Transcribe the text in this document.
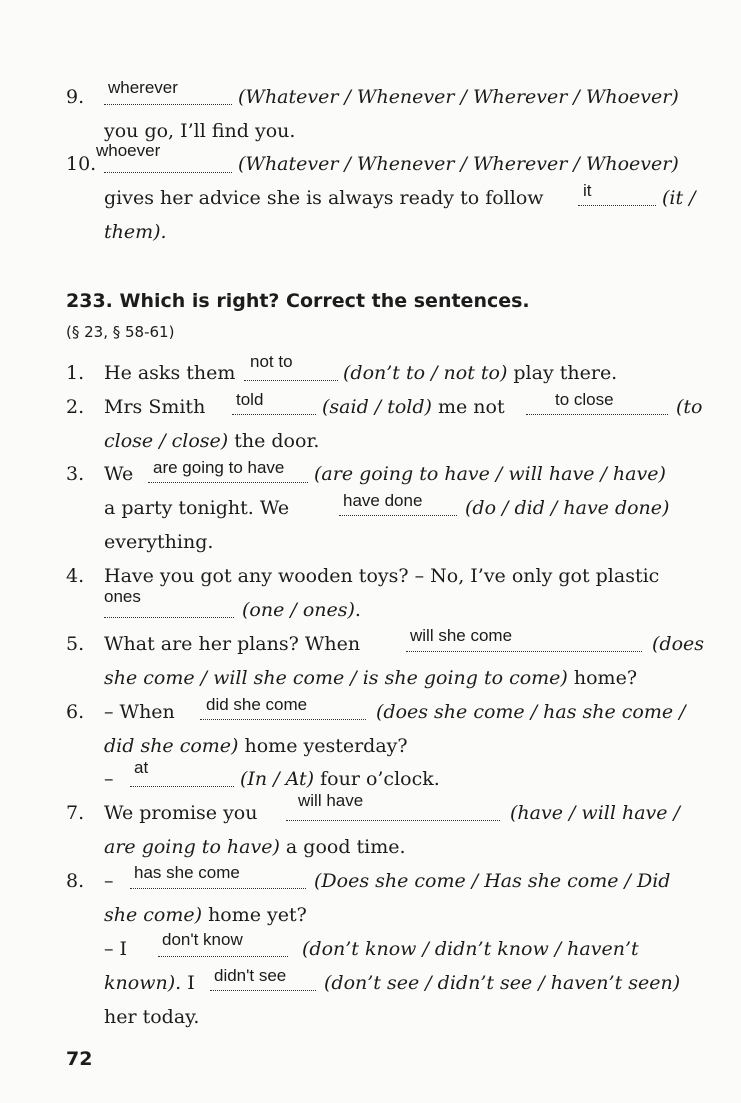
9. wherever	(Whatever / Whenever / Wherever / Whoever)
you go, I’ll find you.
whoever
10.	(Whatever / Whenever / Wherever / Whoever)
gives her advice she is always ready to follow it	(it /
them).
233. Which is right? Correct the sentences.
(§ 23, § 58-61)
1. He asks them
not to
(don’t to / not to) play there.
2. Mrs Smith told	(said / told) me not	to close	(to
close / close) the door.
3. We are going to have (are going to have / will have / have)
a party tonight. We	have done (do / did / have done)
everything.
4. Have you got any wooden toys? – No, I’ve only got plastic
ones
(one / ones).
5. What are her plans? When	will she come	(does
she come / will she come / is she going to come) home?
6. – When did she come	(does she come / has she come /
did she come) home yesterday?
–
at
(In / At) four o’clock.
7. We promise you
will have
(have / will have /
are going to have) a good time.
8. – has she come	(Does she come / Has she come / Did
she come) home yet?
– I don't know	(don’t know / didn’t know / haven’t
known). I didn't see (don’t see / didn’t see / haven’t seen)
her today.
72
